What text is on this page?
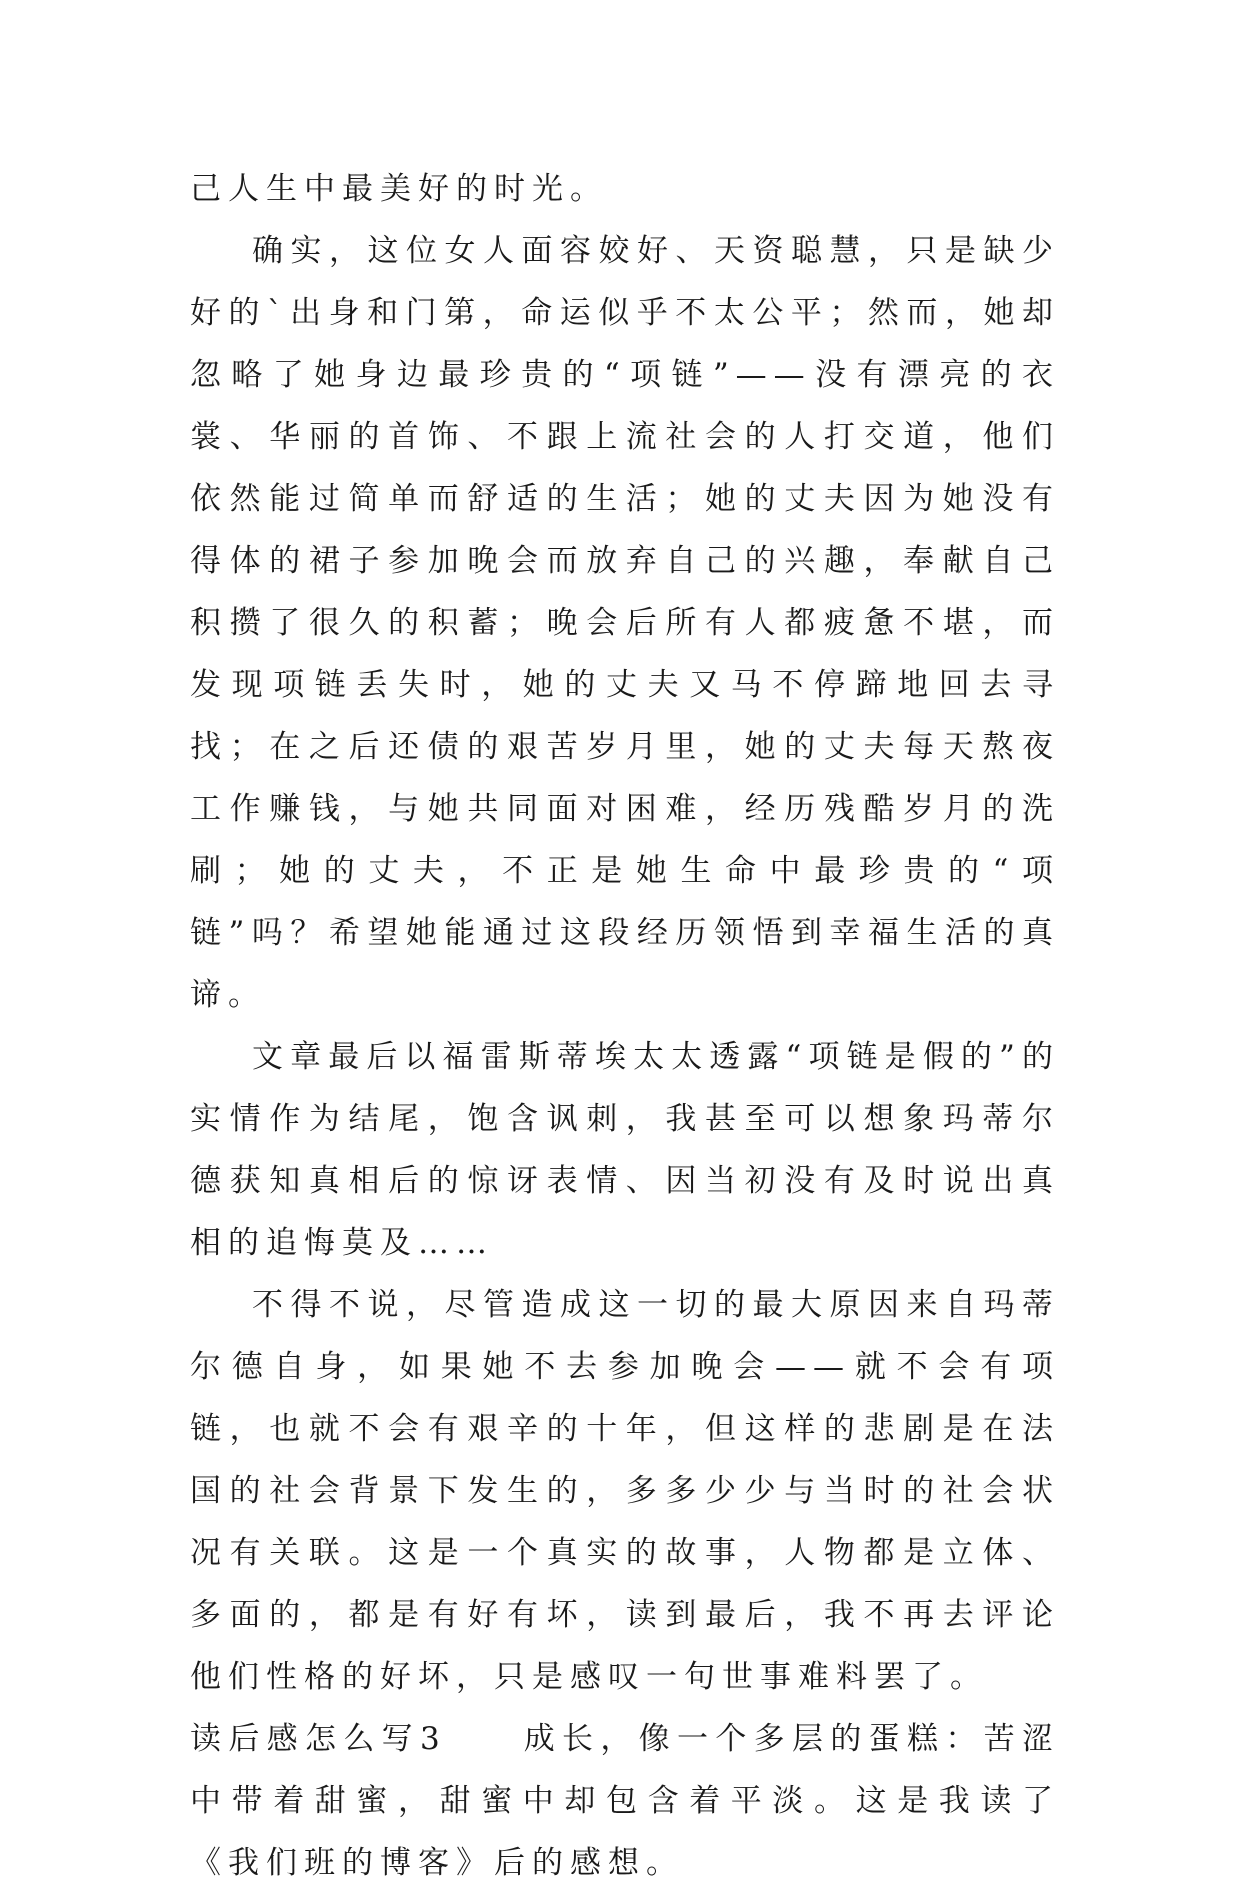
己人生中最美好的时光。

确实，这位女人面容姣好、天资聪慧，只是缺少好的`出身和门第，命运似乎不太公平；然而，她却忽略了她身边最珍贵的“项链”——没有漂亮的衣裳、华丽的首饰、不跟上流社会的人打交道，他们依然能过简单而舒适的生活；她的丈夫因为她没有得体的裙子参加晚会而放弃自己的兴趣，奉献自己积攒了很久的积蓄；晚会后所有人都疲惫不堪，而发现项链丢失时，她的丈夫又马不停蹄地回去寻找；在之后还债的艰苦岁月里，她的丈夫每天熬夜工作赚钱，与她共同面对困难，经历残酷岁月的洗刷；她的丈夫，不正是她生命中最珍贵的“项链”吗？希望她能通过这段经历领悟到幸福生活的真谛。

文章最后以福雷斯蒂埃太太透露“项链是假的”的实情作为结尾，饱含讽刺，我甚至可以想象玛蒂尔德获知真相后的惊讶表情、因当初没有及时说出真相的追悔莫及……

不得不说，尽管造成这一切的最大原因来自玛蒂尔德自身，如果她不去参加晚会——就不会有项链，也就不会有艰辛的十年，但这样的悲剧是在法国的社会背景下发生的，多多少少与当时的社会状况有关联。这是一个真实的故事，人物都是立体、多面的，都是有好有坏，读到最后，我不再去评论他们性格的好坏，只是感叹一句世事难料罢了。

读后感怎么写3　　成长，像一个多层的蛋糕：苦涩中带着甜蜜，甜蜜中却包含着平淡。这是我读了《我们班的博客》后的感想。
